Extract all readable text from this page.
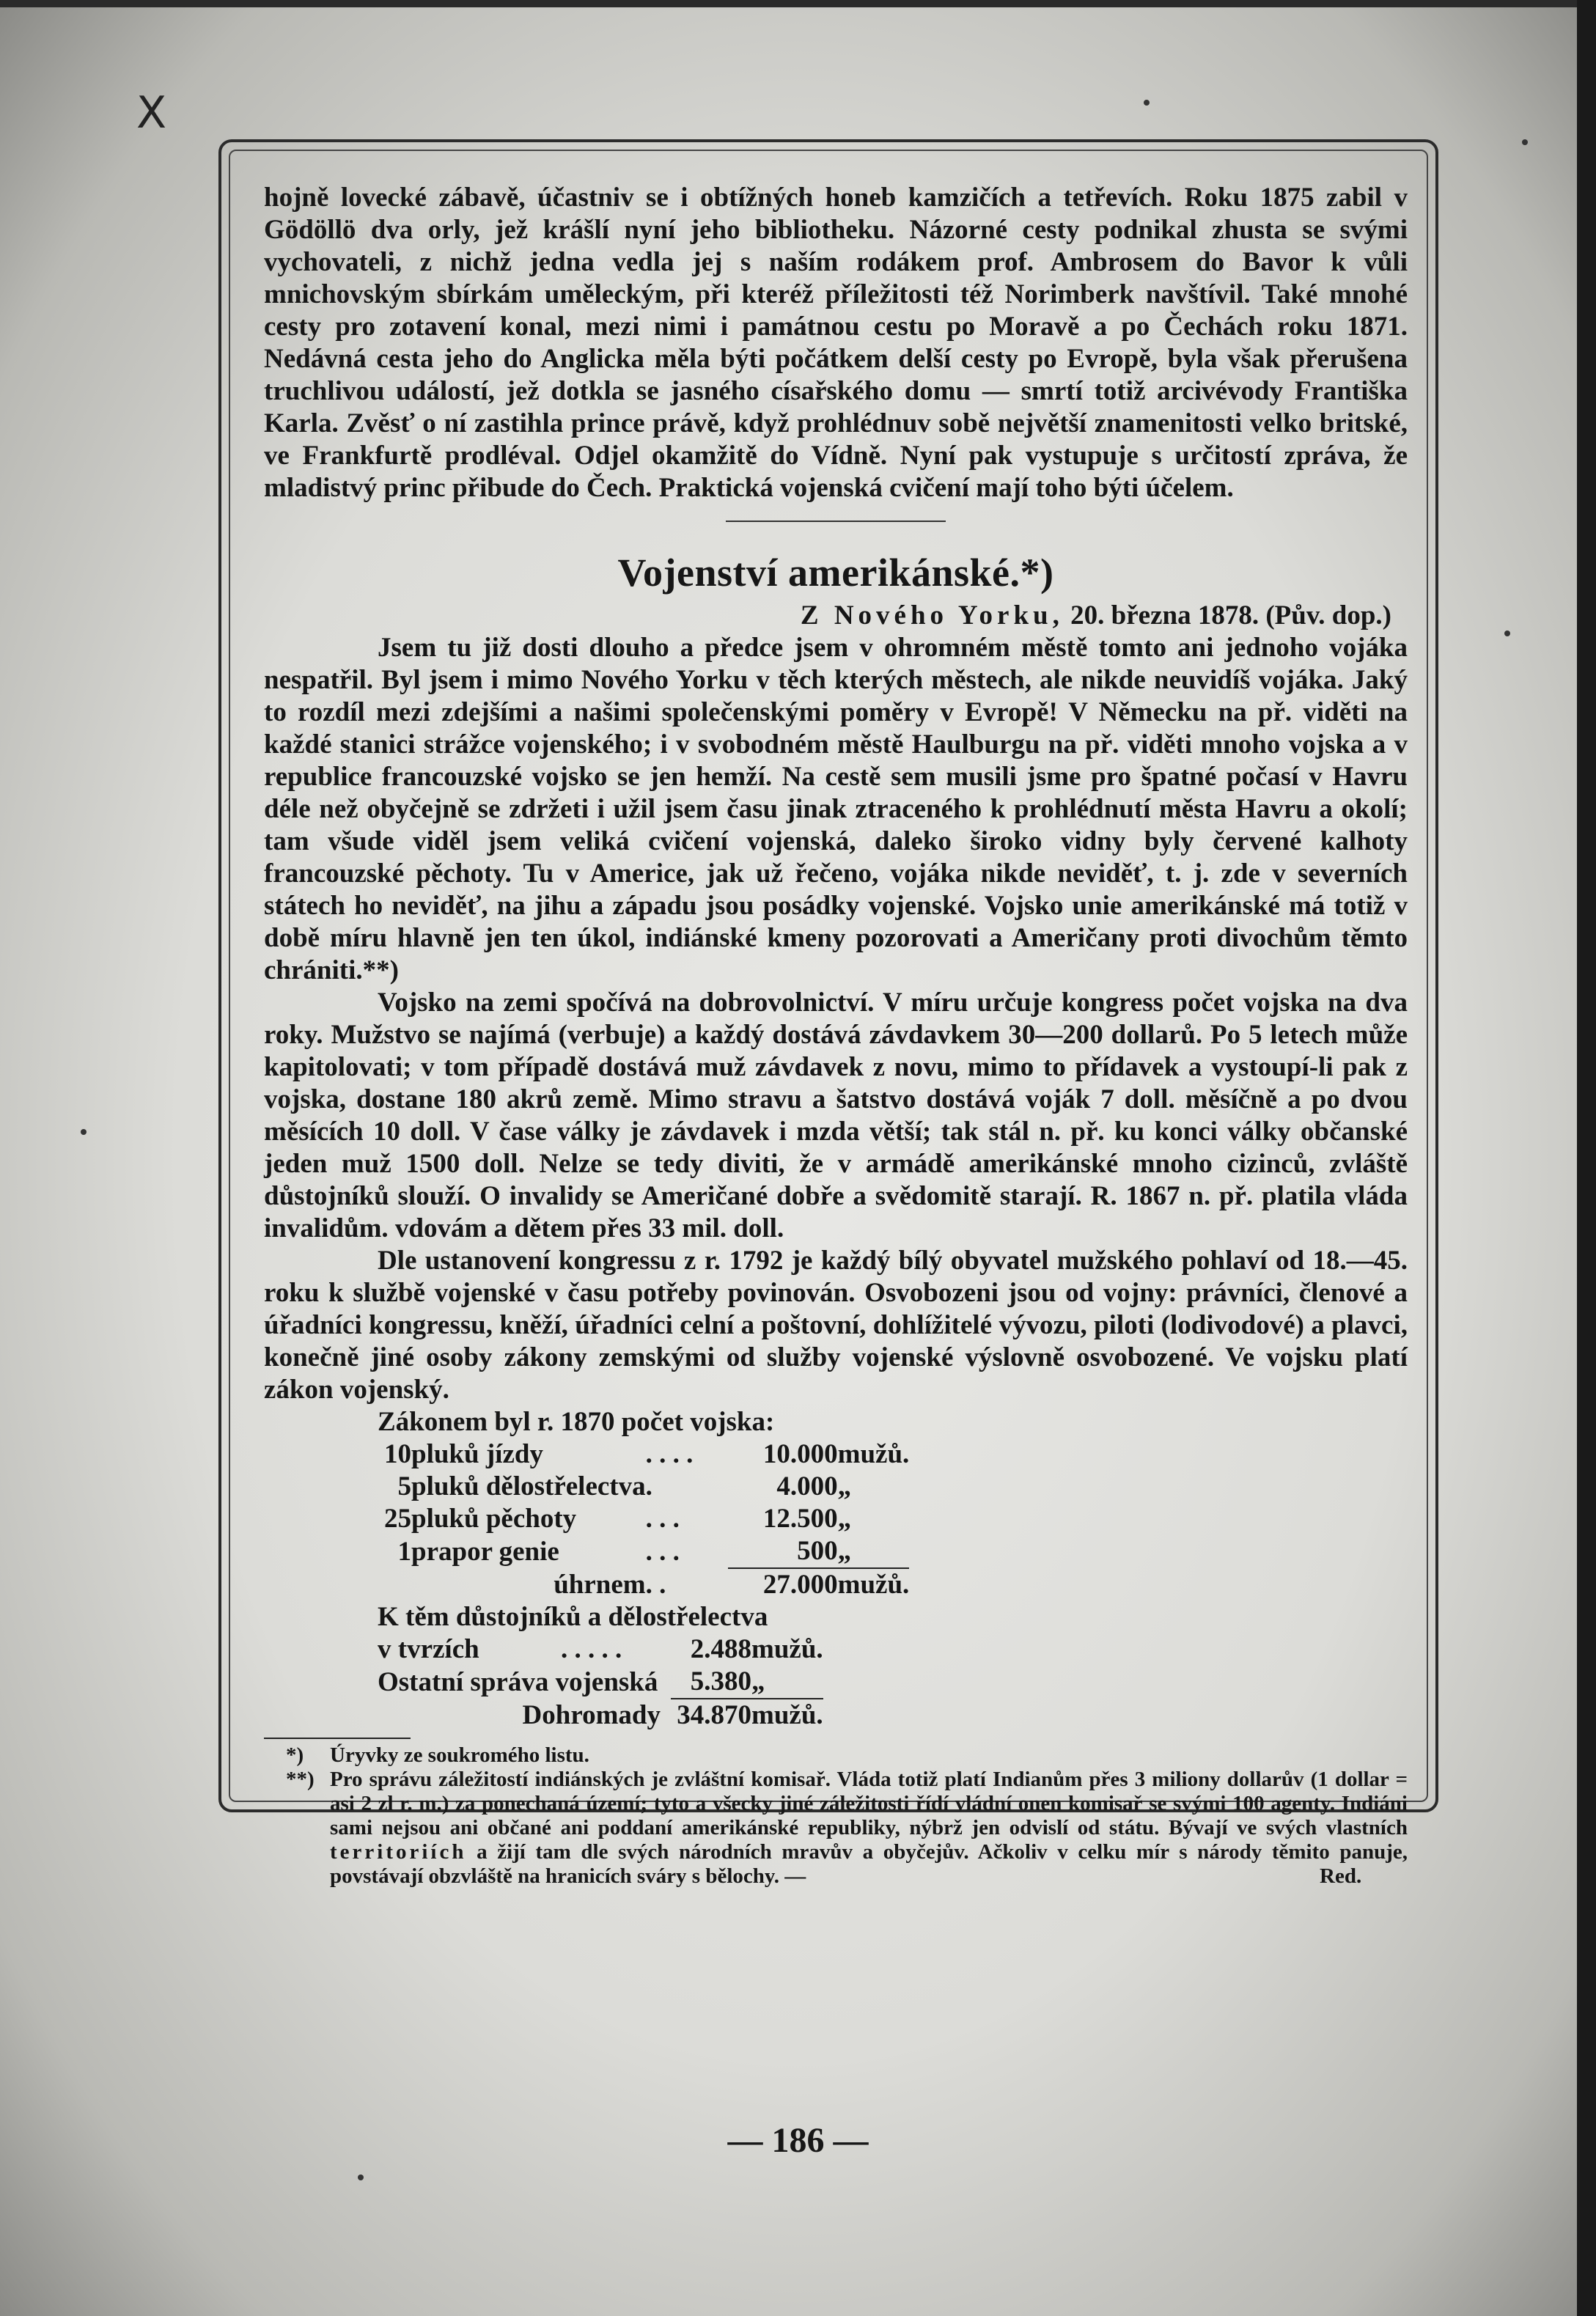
X

hojně lovecké zábavě, účastniv se i obtížných honeb kamzičích a tetřevích. Roku 1875 zabil v Gödöllö dva orly, jež krášlí nyní jeho bibliotheku. Názorné cesty podnikal zhusta se svými vychovateli, z nichž jedna vedla jej s naším rodákem prof. Ambrosem do Bavor k vůli mnichovským sbírkám uměleckým, při kteréž příležitosti též Norimberk navštívil. Také mnohé cesty pro zotavení konal, mezi nimi i památnou cestu po Moravě a po Čechách roku 1871. Nedávná cesta jeho do Anglicka měla býti počátkem delší cesty po Evropě, byla však přerušena truchlivou událostí, jež dotkla se jasného císařského domu — smrtí totiž arcivévody Františka Karla. Zvěsť o ní zastihla prince právě, když prohlédnuv sobě největší znamenitosti velko britské, ve Frankfurtě prodléval. Odjel okamžitě do Vídně. Nyní pak vystupuje s určitostí zpráva, že mladistvý princ přibude do Čech. Praktická vojenská cvičení mají toho býti účelem.

Vojenství amerikánské.*)
Z Nového Yorku, 20. března 1878. (Pův. dop.)

Jsem tu již dosti dlouho a předce jsem v ohromném městě tomto ani jednoho vojáka nespatřil. Byl jsem i mimo Nového Yorku v těch kterých městech, ale nikde neuvidíš vojáka. Jaký to rozdíl mezi zdejšími a našimi společenskými poměry v Evropě! V Německu na př. viděti na každé stanici strážce vojenského; i v svobodném městě Haulburgu na př. viděti mnoho vojska a v republice francouzské vojsko se jen hemží. Na cestě sem musili jsme pro špatné počasí v Havru déle než obyčejně se zdržeti i užil jsem času jinak ztraceného k prohlédnutí města Havru a okolí; tam všude viděl jsem veliká cvičení vojenská, daleko široko vidny byly červené kalhoty francouzské pěchoty. Tu v Americe, jak už řečeno, vojáka nikde neviděť, t. j. zde v severních státech ho neviděť, na jihu a západu jsou posádky vojenské. Vojsko unie amerikánské má totiž v době míru hlavně jen ten úkol, indiánské kmeny pozorovati a Američany proti divochům těmto chrániti.**)

Vojsko na zemi spočívá na dobrovolnictví. V míru určuje kongress počet vojska na dva roky. Mužstvo se najímá (verbuje) a každý dostává závdavkem 30—200 dollarů. Po 5 letech může kapitolovati; v tom případě dostává muž závdavek z novu, mimo to přídavek a vystoupí-li pak z vojska, dostane 180 akrů země. Mimo stravu a šatstvo dostává voják 7 doll. měsíčně a po dvou měsících 10 doll. V čase války je závdavek i mzda větší; tak stál n. př. ku konci války občanské jeden muž 1500 doll. Nelze se tedy diviti, že v armádě amerikánské mnoho cizinců, zvláště důstojníků slouží. O invalidy se Američané dobře a svědomitě starají. R. 1867 n. př. platila vláda invalidům. vdovám a dětem přes 33 mil. doll.

Dle ustanovení kongressu z r. 1792 je každý bílý obyvatel mužského pohlaví od 18.—45. roku k službě vojenské v času potřeby povinován. Osvobozeni jsou od vojny: právníci, členové a úřadníci kongressu, kněží, úřadníci celní a poštovní, dohlížitelé vývozu, piloti (lodivodové) a plavci, konečně jiné osoby zákony zemskými od služby vojenské výslovně osvobozené. Ve vojsku platí zákon vojenský.

Zákonem byl r. 1870 počet vojska:
10	pluků jízdy	. . . .	10.000	mužů.
5	pluků dělostřelectva	.	4.000	„
25	pluků pěchoty	. . .	12.500	„
1	prapor genie	. . .	500	„
	úhrnem	. .	27.000	mužů.
K těm důstojníků a dělostřelectva
v tvrzích	. . . . .	2.488	mužů.
Ostatní správa vojenská		5.380	„
Dohromady		34.870	mužů.

*) Úryvky ze soukromého listu.

**) Pro správu záležitostí indiánských je zvláštní komisař. Vláda totiž platí Indianům přes 3 miliony dollarův (1 dollar = asi 2 zl r. m.) za ponechaná území; tyto a všecky jiné záležitosti řídí vládní onen komisař se svými 100 agenty. Indiáni sami nejsou ani občané ani poddaní amerikánské republiky, nýbrž jen odvislí od státu. Bývají ve svých vlastních territoriích a žijí tam dle svých národních mravův a obyčejův. Ačkoliv v celku mír s národy těmito panuje, povstávají obzvláště na hranicích sváry s bělochy. —	Red.

— 186 —
